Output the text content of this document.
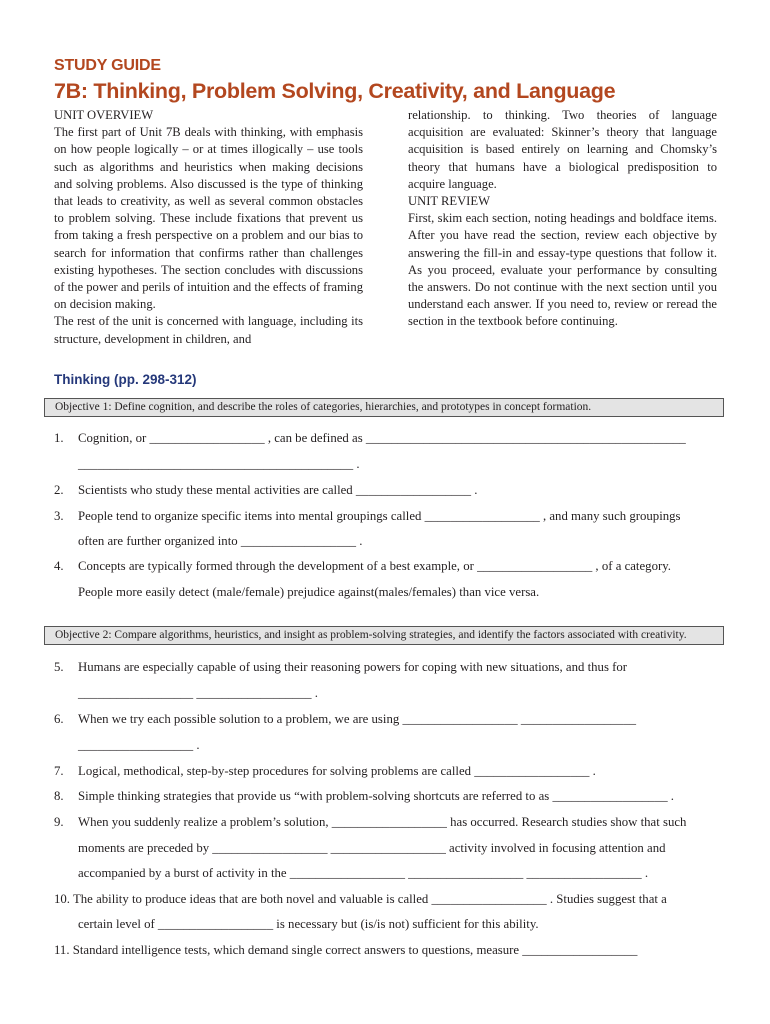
STUDY GUIDE
7B: Thinking, Problem Solving, Creativity, and Language

UNIT OVERVIEW

The first part of Unit 7B deals with thinking, with emphasis on how people logically – or at times illogically – use tools such as algorithms and heuristics when making decisions and solving problems. Also discussed is the type of thinking that leads to creativity, as well as several common obstacles to problem solving. These include fixations that prevent us from taking a fresh perspective on a problem and our bias to search for information that confirms rather than challenges existing hypotheses. The section concludes with discussions of the power and perils of intuition and the effects of framing on decision making.

The rest of the unit is concerned with language, including its structure, development in children, and

relationship. to thinking. Two theories of language acquisition are evaluated: Skinner’s theory that language acquisition is based entirely on learning and Chomsky’s theory that humans have a biological predisposition to acquire language.

UNIT REVIEW

First, skim each section, noting headings and boldface items. After you have read the section, review each objective by answering the fill-in and essay-type questions that follow it. As you proceed, evaluate your performance by consulting the answers. Do not continue with the next section until you understand each answer. If you need to, review or reread the section in the textbook before continuing.

Thinking (pp. 298-312)
Objective 1: Define cognition, and describe the roles of categories, hierarchies, and prototypes in concept formation.
1. Cognition, or __________________ , can be defined as __________________________________________________
___________________________________________ .
2. Scientists who study these mental activities are called __________________ .
3. People tend to organize specific items into mental groupings called __________________ , and many such groupings
often are further organized into __________________ .
4. Concepts are typically formed through the development of a best example, or __________________ , of a category.
People more easily detect (male/female) prejudice against(males/females) than vice versa.
Objective 2: Compare algorithms, heuristics, and insight as problem-solving strategies, and identify the factors associated with creativity.
5. Humans are especially capable of using their reasoning powers for coping with new situations, and thus for
__________________ __________________ .
6. When we try each possible solution to a problem, we are using __________________ __________________
__________________ .
7. Logical, methodical, step-by-step procedures for solving problems are called __________________ .
8. Simple thinking strategies that provide us “with problem-solving shortcuts are referred to as __________________ .
9. When you suddenly realize a problem’s solution, __________________ has occurred. Research studies show that such
moments are preceded by __________________ __________________ activity involved in focusing attention and
accompanied by a burst of activity in the __________________ __________________ __________________ .
10. The ability to produce ideas that are both novel and valuable is called __________________ . Studies suggest that a
certain level of __________________ is necessary but (is/is not) sufficient for this ability.
11. Standard intelligence tests, which demand single correct answers to questions, measure __________________
